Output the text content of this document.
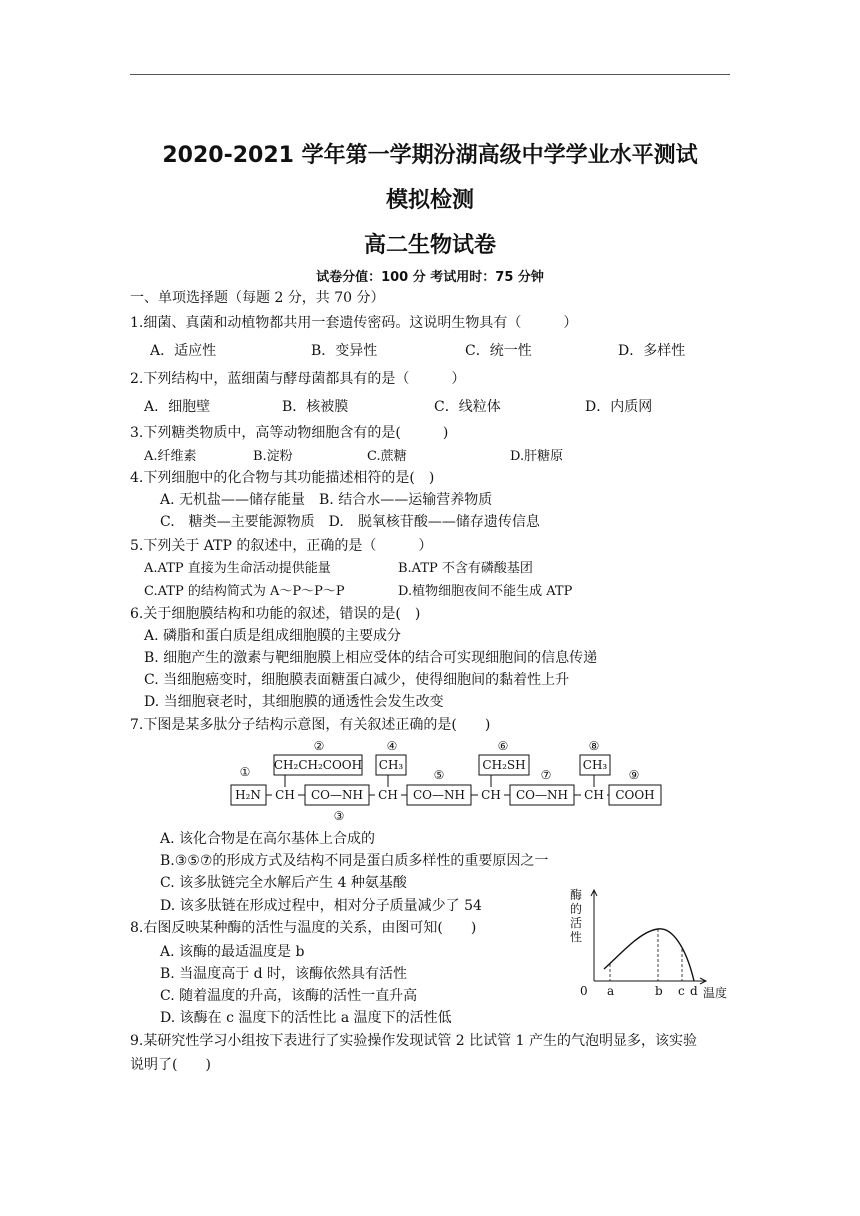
2020-2021 学年第一学期汾湖高级中学学业水平测试
模拟检测
高二生物试卷
试卷分值：100 分 考试用时：75 分钟
一、单项选择题（每题 2 分，共 70 分）
1.细菌、真菌和动植物都共用一套遗传密码。这说明生物具有（　　　）
A．适应性	B．变异性	C．统一性	D．多样性
2.下列结构中，蓝细菌与酵母菌都具有的是（　　　）
A．细胞壁	B．核被膜	C．线粒体	D．内质网
3.下列糖类物质中，高等动物细胞含有的是(　　　)
A.纤维素	B.淀粉	C.蔗糖	D.肝糖原
4.下列细胞中的化合物与其功能描述相符的是(　)
A. 无机盐——储存能量　B. 结合水——运输营养物质
C.　糖类—主要能源物质　D.　脱氧核苷酸——储存遗传信息
5.下列关于 ATP 的叙述中，正确的是（　　　）
A.ATP 直接为生命活动提供能量	B.ATP 不含有磷酸基团
C.ATP 的结构简式为 A～P～P～P	D.植物细胞夜间不能生成 ATP
6.关于细胞膜结构和功能的叙述，错误的是(　)
A. 磷脂和蛋白质是组成细胞膜的主要成分
B. 细胞产生的激素与靶细胞膜上相应受体的结合可实现细胞间的信息传递
C. 当细胞癌变时，细胞膜表面糖蛋白减少，使得细胞间的黏着性上升
D. 当细胞衰老时，其细胞膜的通透性会发生改变
7.下图是某多肽分子结构示意图，有关叙述正确的是(　　)
①
②
③
④
⑤
⑥
⑦
⑧
⑨
CH₂CH₂COOH CH₃	CH₂SH	CH₃
H₂N CH CO—NH CH CO—NH CH CO—NH CH COOH
A. 该化合物是在高尔基体上合成的
B.③⑤⑦的形成方式及结构不同是蛋白质多样性的重要原因之一
C. 该多肽链完全水解后产生 4 种氨基酸
D. 该多肽链在形成过程中，相对分子质量减少了 54
8.右图反映某种酶的活性与温度的关系，由图可知(　　)
A. 该酶的最适温度是 b
B. 当温度高于 d 时，该酶依然具有活性
C. 随着温度的升高，该酶的活性一直升高
D. 该酶在 c 温度下的活性比 a 温度下的活性低
酶
的
活
性
0 a	b c d 温度
9.某研究性学习小组按下表进行了实验操作发现试管 2 比试管 1 产生的气泡明显多，该实验
说明了(　　)
